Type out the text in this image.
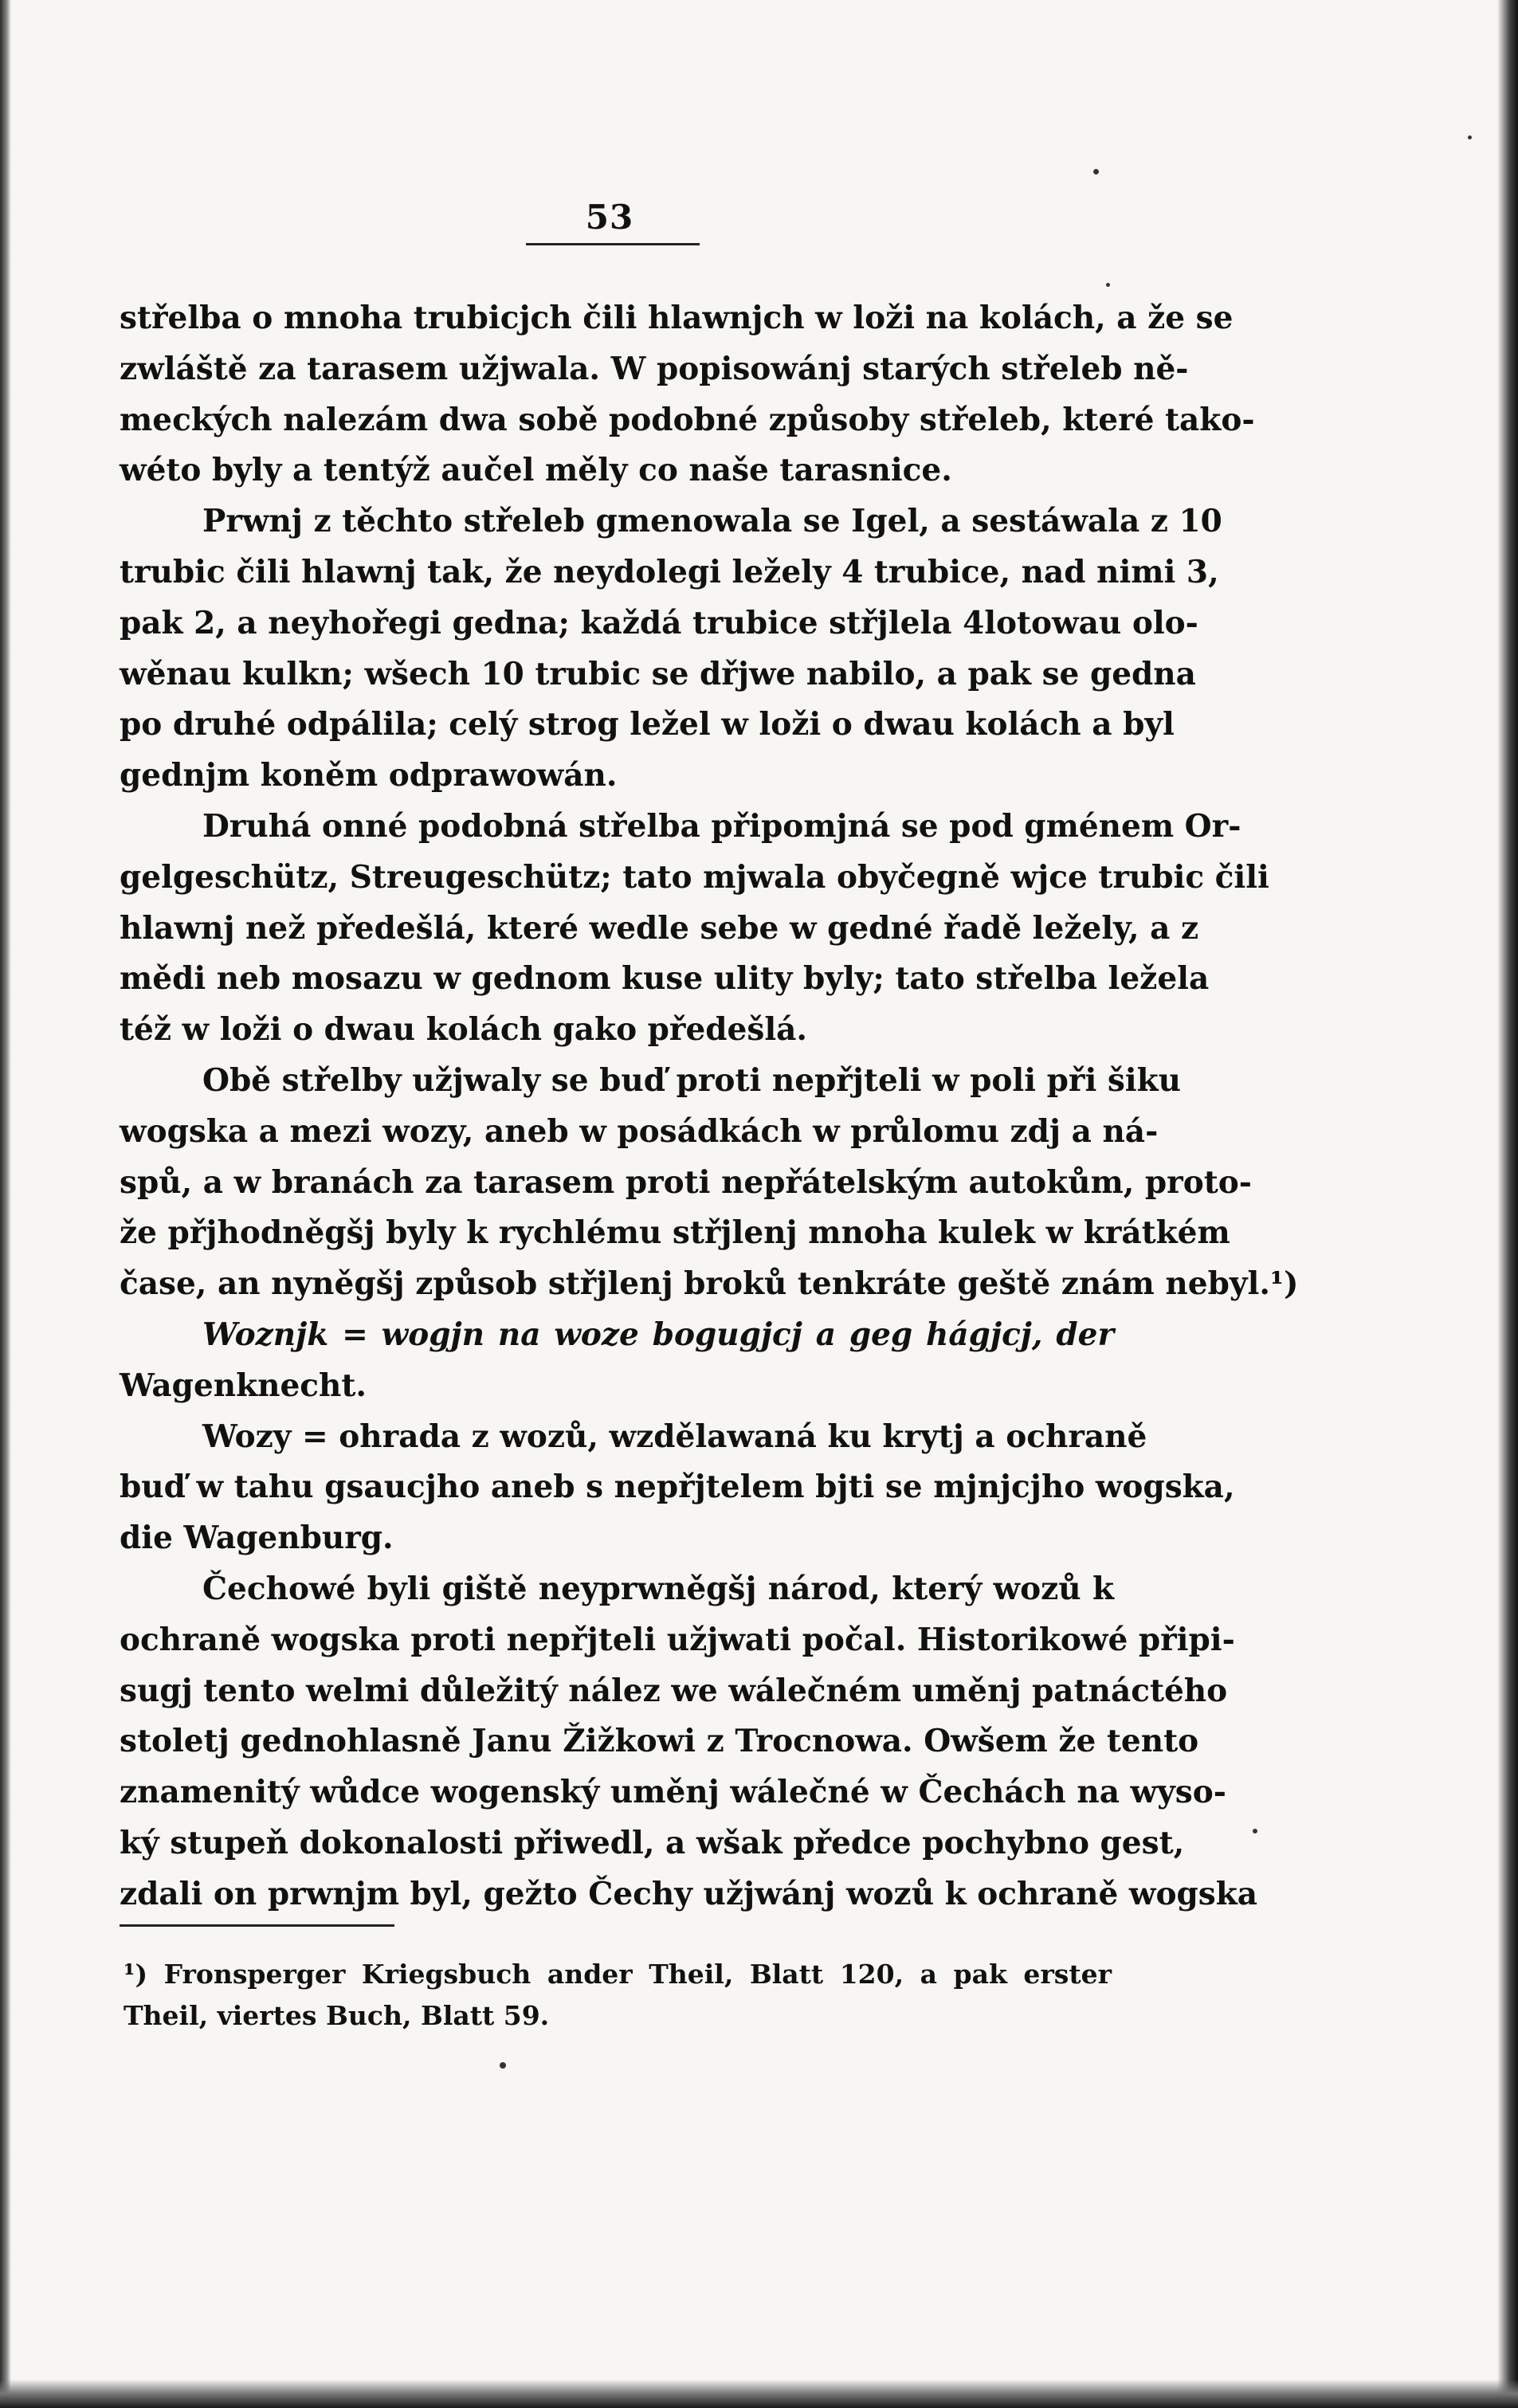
53
střelba o mnoha trubicjch čili hlawnjch w loži na kolách, a že se
zwláště za tarasem užjwala. W popisowánj starých střeleb ně-
meckých nalezám dwa sobě podobné způsoby střeleb, které tako-
wéto byly a tentýž aučel měly co naše tarasnice.
Prwnj z těchto střeleb gmenowala se Igel, a sestáwala z 10
trubic čili hlawnj tak, že neydolegi ležely 4 trubice, nad nimi 3,
pak 2, a neyhořegi gedna; každá trubice střjlela 4lotowau olo-
wěnau kulkn; wšech 10 trubic se dřjwe nabilo, a pak se gedna
po druhé odpálila; celý strog ležel w loži o dwau kolách a byl
gednjm koněm odprawowán.
Druhá onné podobná střelba připomjná se pod gménem Or-
gelgeschütz, Streugeschütz; tato mjwala obyčegně wjce trubic čili
hlawnj než předešlá, které wedle sebe w gedné řadě ležely, a z
mědi neb mosazu w gednom kuse ulity byly; tato střelba ležela
též w loži o dwau kolách gako předešlá.
Obě střelby užjwaly se buď proti nepřjteli w poli při šiku
wogska a mezi wozy, aneb w posádkách w průlomu zdj a ná-
spů, a w branách za tarasem proti nepřátelským autokům, proto-
že přjhodněgšj byly k rychlému střjlenj mnoha kulek w krátkém
čase, an nyněgšj způsob střjlenj broků tenkráte geště znám nebyl.¹)
Woznjk = wogjn na woze bogugjcj a geg hágjcj, der
Wagenknecht.
Wozy = ohrada z wozů, wzdělawaná ku krytj a ochraně
buď w tahu gsaucjho aneb s nepřjtelem bjti se mjnjcjho wogska,
die Wagenburg.
Čechowé byli giště neyprwněgšj národ, který wozů k
ochraně wogska proti nepřjteli užjwati počal. Historikowé připi-
sugj tento welmi důležitý nález we wálečném uměnj patnáctého
stoletj gednohlasně Janu Žižkowi z Trocnowa. Owšem že tento
znamenitý wůdce wogenský uměnj wálečné w Čechách na wyso-
ký stupeň dokonalosti přiwedl, a wšak předce pochybno gest,
zdali on prwnjm byl, gežto Čechy užjwánj wozů k ochraně wogska
¹) Fronsperger Kriegsbuch ander Theil, Blatt 120, a pak erster
Theil, viertes Buch, Blatt 59.
